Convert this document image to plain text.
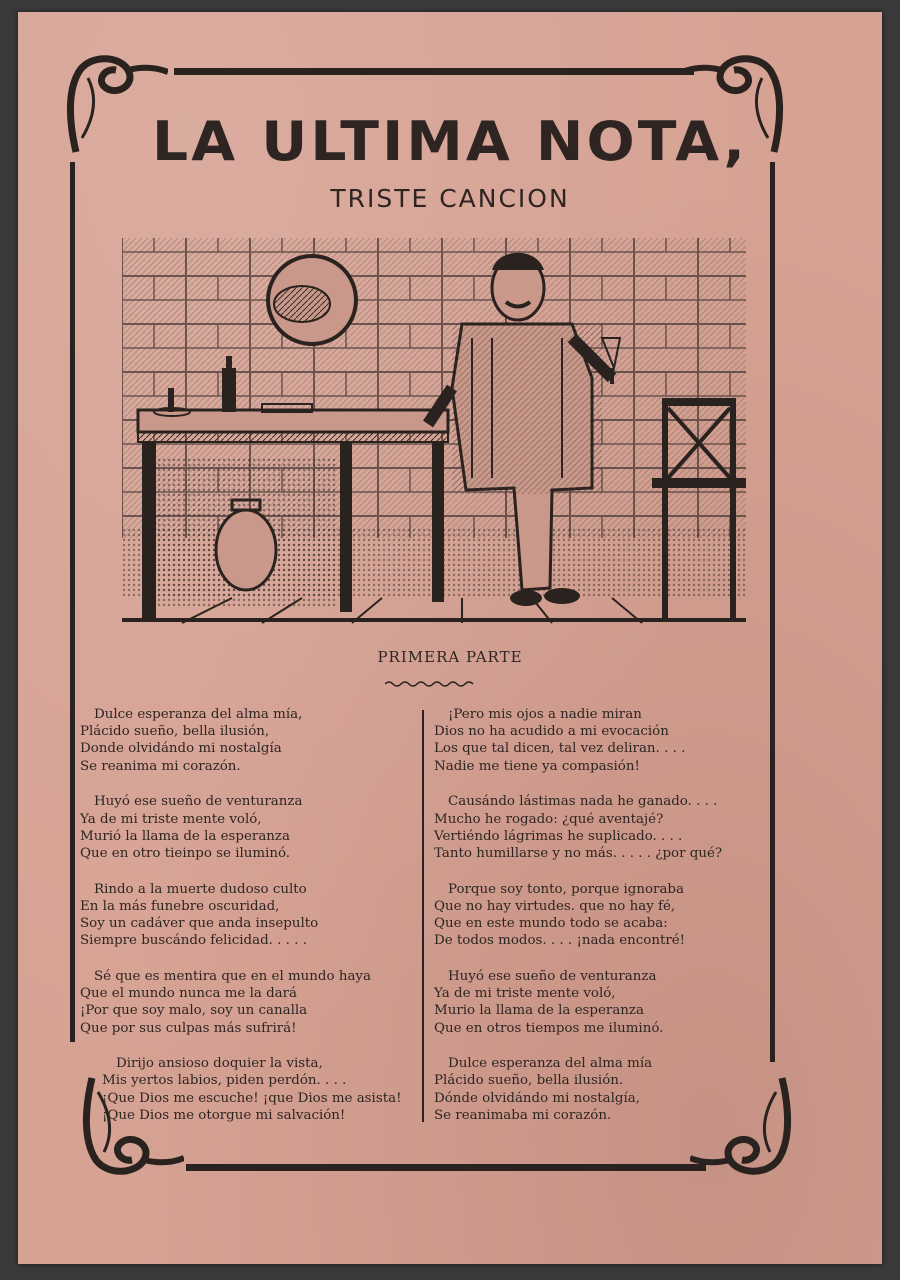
LA ULTIMA NOTA,
TRISTE CANCION
PRIMERA PARTE
Dulce esperanza del alma mía,
Plácido sueño, bella ilusión,
Donde olvidándo mi nostalgía
Se reanima mi corazón.
Huyó ese sueño de venturanza
Ya de mi triste mente voló,
Murió la llama de la esperanza
Que en otro tieinpo se iluminó.
Rindo a la muerte dudoso culto
En la más funebre oscuridad,
Soy un cadáver que anda insepulto
Siempre buscándo felicidad. . . . .
Sé que es mentira que en el mundo haya
Que el mundo nunca me la dará
¡Por que soy malo, soy un canalla
Que por sus culpas más sufrirá!
Dirijo ansioso doquier la vista,
Mis yertos labios, piden perdón. . . .
¡Que Dios me escuche! ¡que Dios me asista!
¡Que Dios me otorgue mi salvación!
¡Pero mis ojos a nadie miran
Dios no ha acudido a mi evocación
Los que tal dicen, tal vez deliran. . . .
Nadie me tiene ya compasión!
Causándo lástimas nada he ganado. . . .
Mucho he rogado: ¿qué aventajé?
Vertiéndo lágrimas he suplicado. . . .
Tanto humillarse y no más. . . . . ¿por qué?
Porque soy tonto, porque ignoraba
Que no hay virtudes. que no hay fé,
Que en este mundo todo se acaba:
De todos modos. . . . ¡nada encontré!
Huyó ese sueño de venturanza
Ya de mi triste mente voló,
Murio la llama de la esperanza
Que en otros tiempos me iluminó.
Dulce esperanza del alma mía
Plácido sueño, bella ilusión.
Dónde olvidándo mi nostalgía,
Se reanimaba mi corazón.
